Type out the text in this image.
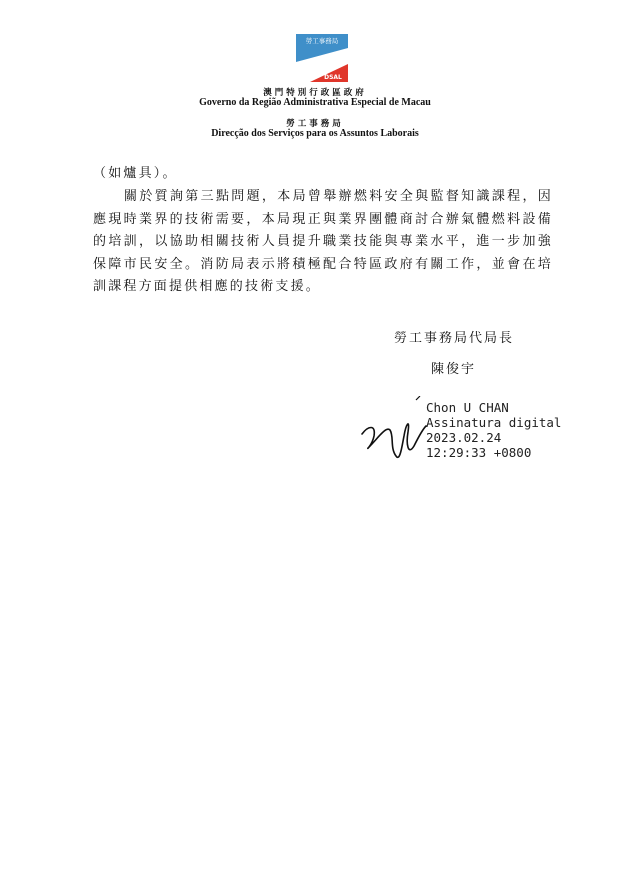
勞工事務局
DSAL
澳門特別行政區政府
Governo da Região Administrativa Especial de Macau
勞工事務局
Direcção dos Serviços para os Assuntos Laborais
（如爐具）。
關於質詢第三點問題，本局曾舉辦燃料安全與監督知識課程，因應現時業界的技術需要，本局現正與業界團體商討合辦氣體燃料設備的培訓，以協助相關技術人員提升職業技能與專業水平，進一步加強保障市民安全。消防局表示將積極配合特區政府有關工作，並會在培訓課程方面提供相應的技術支援。
勞工事務局代局長
陳俊宇
Chon U CHAN
Assinatura digital
2023.02.24
12:29:33 +0800
